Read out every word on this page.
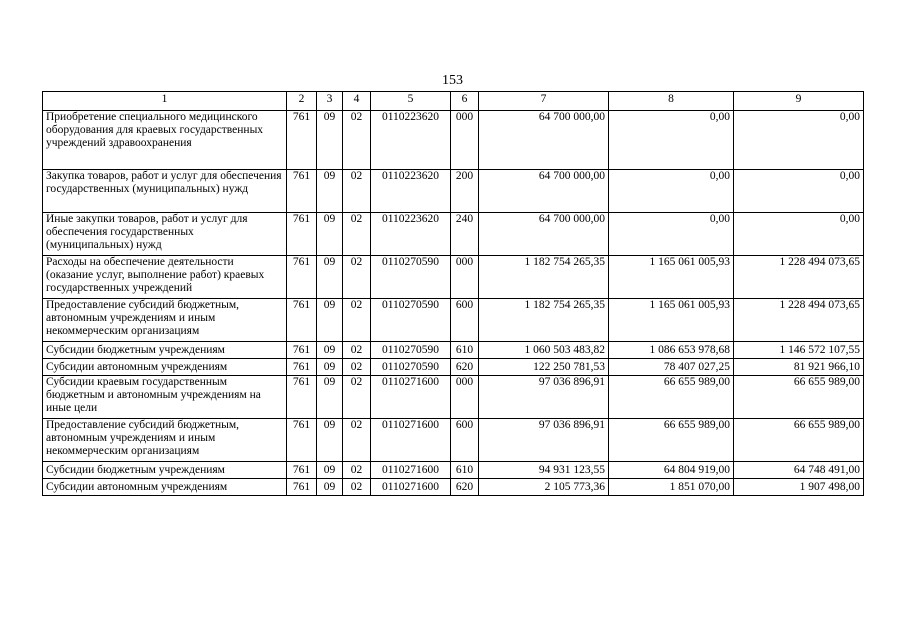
153
1	2	3	4	5	6	7	8	9
Приобретение специального медицинского оборудования для краевых государственных учреждений здравоохранения	761	09	02	0110223620	000	64 700 000,00	0,00	0,00
Закупка товаров, работ и услуг для обеспечения государственных (муниципальных) нужд	761	09	02	0110223620	200	64 700 000,00	0,00	0,00
Иные закупки товаров, работ и услуг для обеспечения государственных (муниципальных) нужд	761	09	02	0110223620	240	64 700 000,00	0,00	0,00
Расходы на обеспечение деятельности (оказание услуг, выполнение работ) краевых государственных учреждений	761	09	02	0110270590	000	1 182 754 265,35	1 165 061 005,93	1 228 494 073,65
Предоставление субсидий бюджетным, автономным учреждениям и иным некоммерческим организациям	761	09	02	0110270590	600	1 182 754 265,35	1 165 061 005,93	1 228 494 073,65
Субсидии бюджетным учреждениям	761	09	02	0110270590	610	1 060 503 483,82	1 086 653 978,68	1 146 572 107,55
Субсидии автономным учреждениям	761	09	02	0110270590	620	122 250 781,53	78 407 027,25	81 921 966,10
Субсидии краевым государственным бюджетным и автономным учреждениям на иные цели	761	09	02	0110271600	000	97 036 896,91	66 655 989,00	66 655 989,00
Предоставление субсидий бюджетным, автономным учреждениям и иным некоммерческим организациям	761	09	02	0110271600	600	97 036 896,91	66 655 989,00	66 655 989,00
Субсидии бюджетным учреждениям	761	09	02	0110271600	610	94 931 123,55	64 804 919,00	64 748 491,00
Субсидии автономным учреждениям	761	09	02	0110271600	620	2 105 773,36	1 851 070,00	1 907 498,00
